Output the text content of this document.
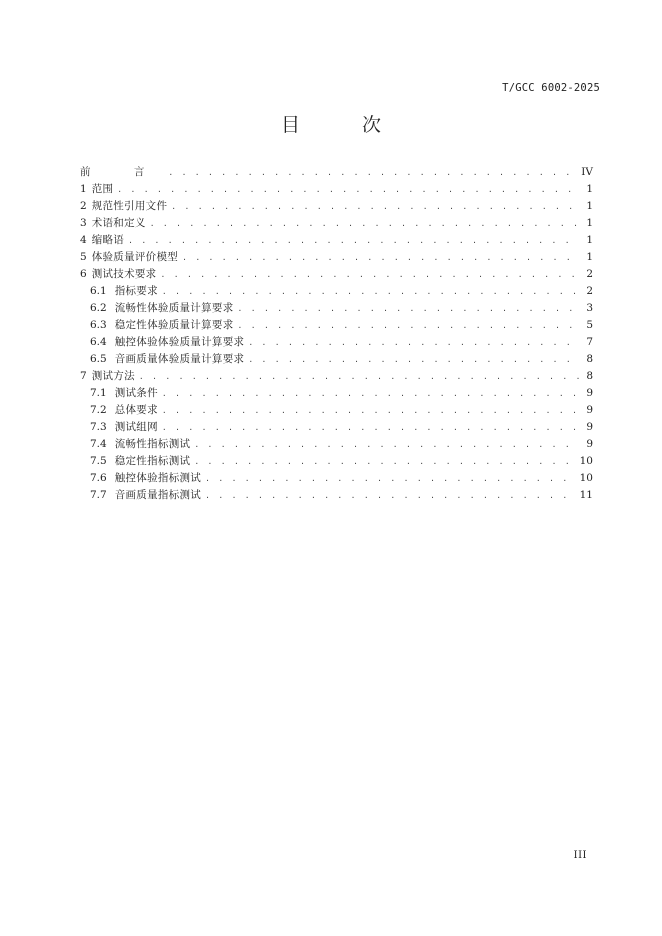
T/GCC 6002-2025
目 次
前 言 . . .	IV
1 范围 . . .	1
2 规范性引用文件 . . .	1
3 术语和定义 . . .	1
4 缩略语 . . .	1
5 体验质量评价模型 . . .	1
6 测试技术要求 . . .	2
6.1 指标要求 . . .	2
6.2 流畅性体验质量计算要求 . . .	3
6.3 稳定性体验质量计算要求 . . .	5
6.4 触控体验体验质量计算要求 . . .	7
6.5 音画质量体验质量计算要求 . . .	8
7 测试方法 . . .	8
7.1 测试条件 . . .	9
7.2 总体要求 . . .	9
7.3 测试组网 . . .	9
7.4 流畅性指标测试 . . .	9
7.5 稳定性指标测试 . . .	10
7.6 触控体验指标测试 . . .	10
7.7 音画质量指标测试 . . .	11
III
